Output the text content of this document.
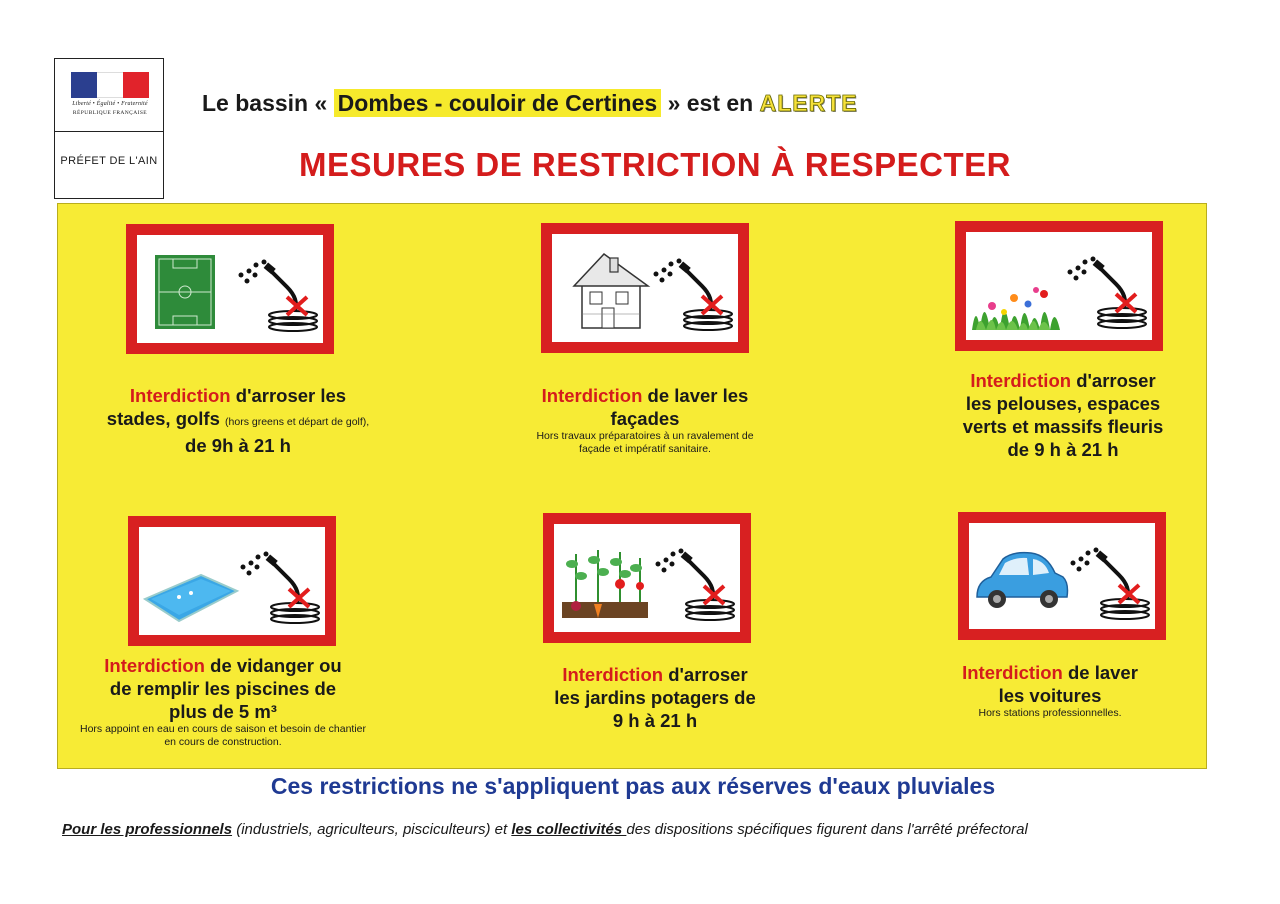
Liberté • Égalité • Fraternité
RÉPUBLIQUE FRANÇAISE
PRÉFET DE L'AIN
Le bassin « Dombes - couloir de Certines » est en ALERTE
MESURES DE RESTRICTION À RESPECTER
Interdiction d'arroser les
stades, golfs (hors greens et départ de golf),
de 9h à 21 h
Interdiction de laver les
façades
Hors travaux préparatoires à un ravalement de façade et impératif sanitaire.
Interdiction d'arroser
les pelouses, espaces
verts et massifs fleuris
de 9 h à 21 h
Interdiction de vidanger ou
de remplir les piscines de
plus de 5 m³
Hors appoint en eau en cours de saison et besoin de chantier en cours de construction.
Interdiction d'arroser
les jardins potagers de
9 h à 21 h
Interdiction de laver
les voitures
Hors stations professionnelles.
Ces restrictions ne s'appliquent pas aux réserves d'eaux pluviales
Pour les professionnels (industriels, agriculteurs, pisciculteurs) et les collectivités des dispositions spécifiques figurent dans l'arrêté préfectoral
